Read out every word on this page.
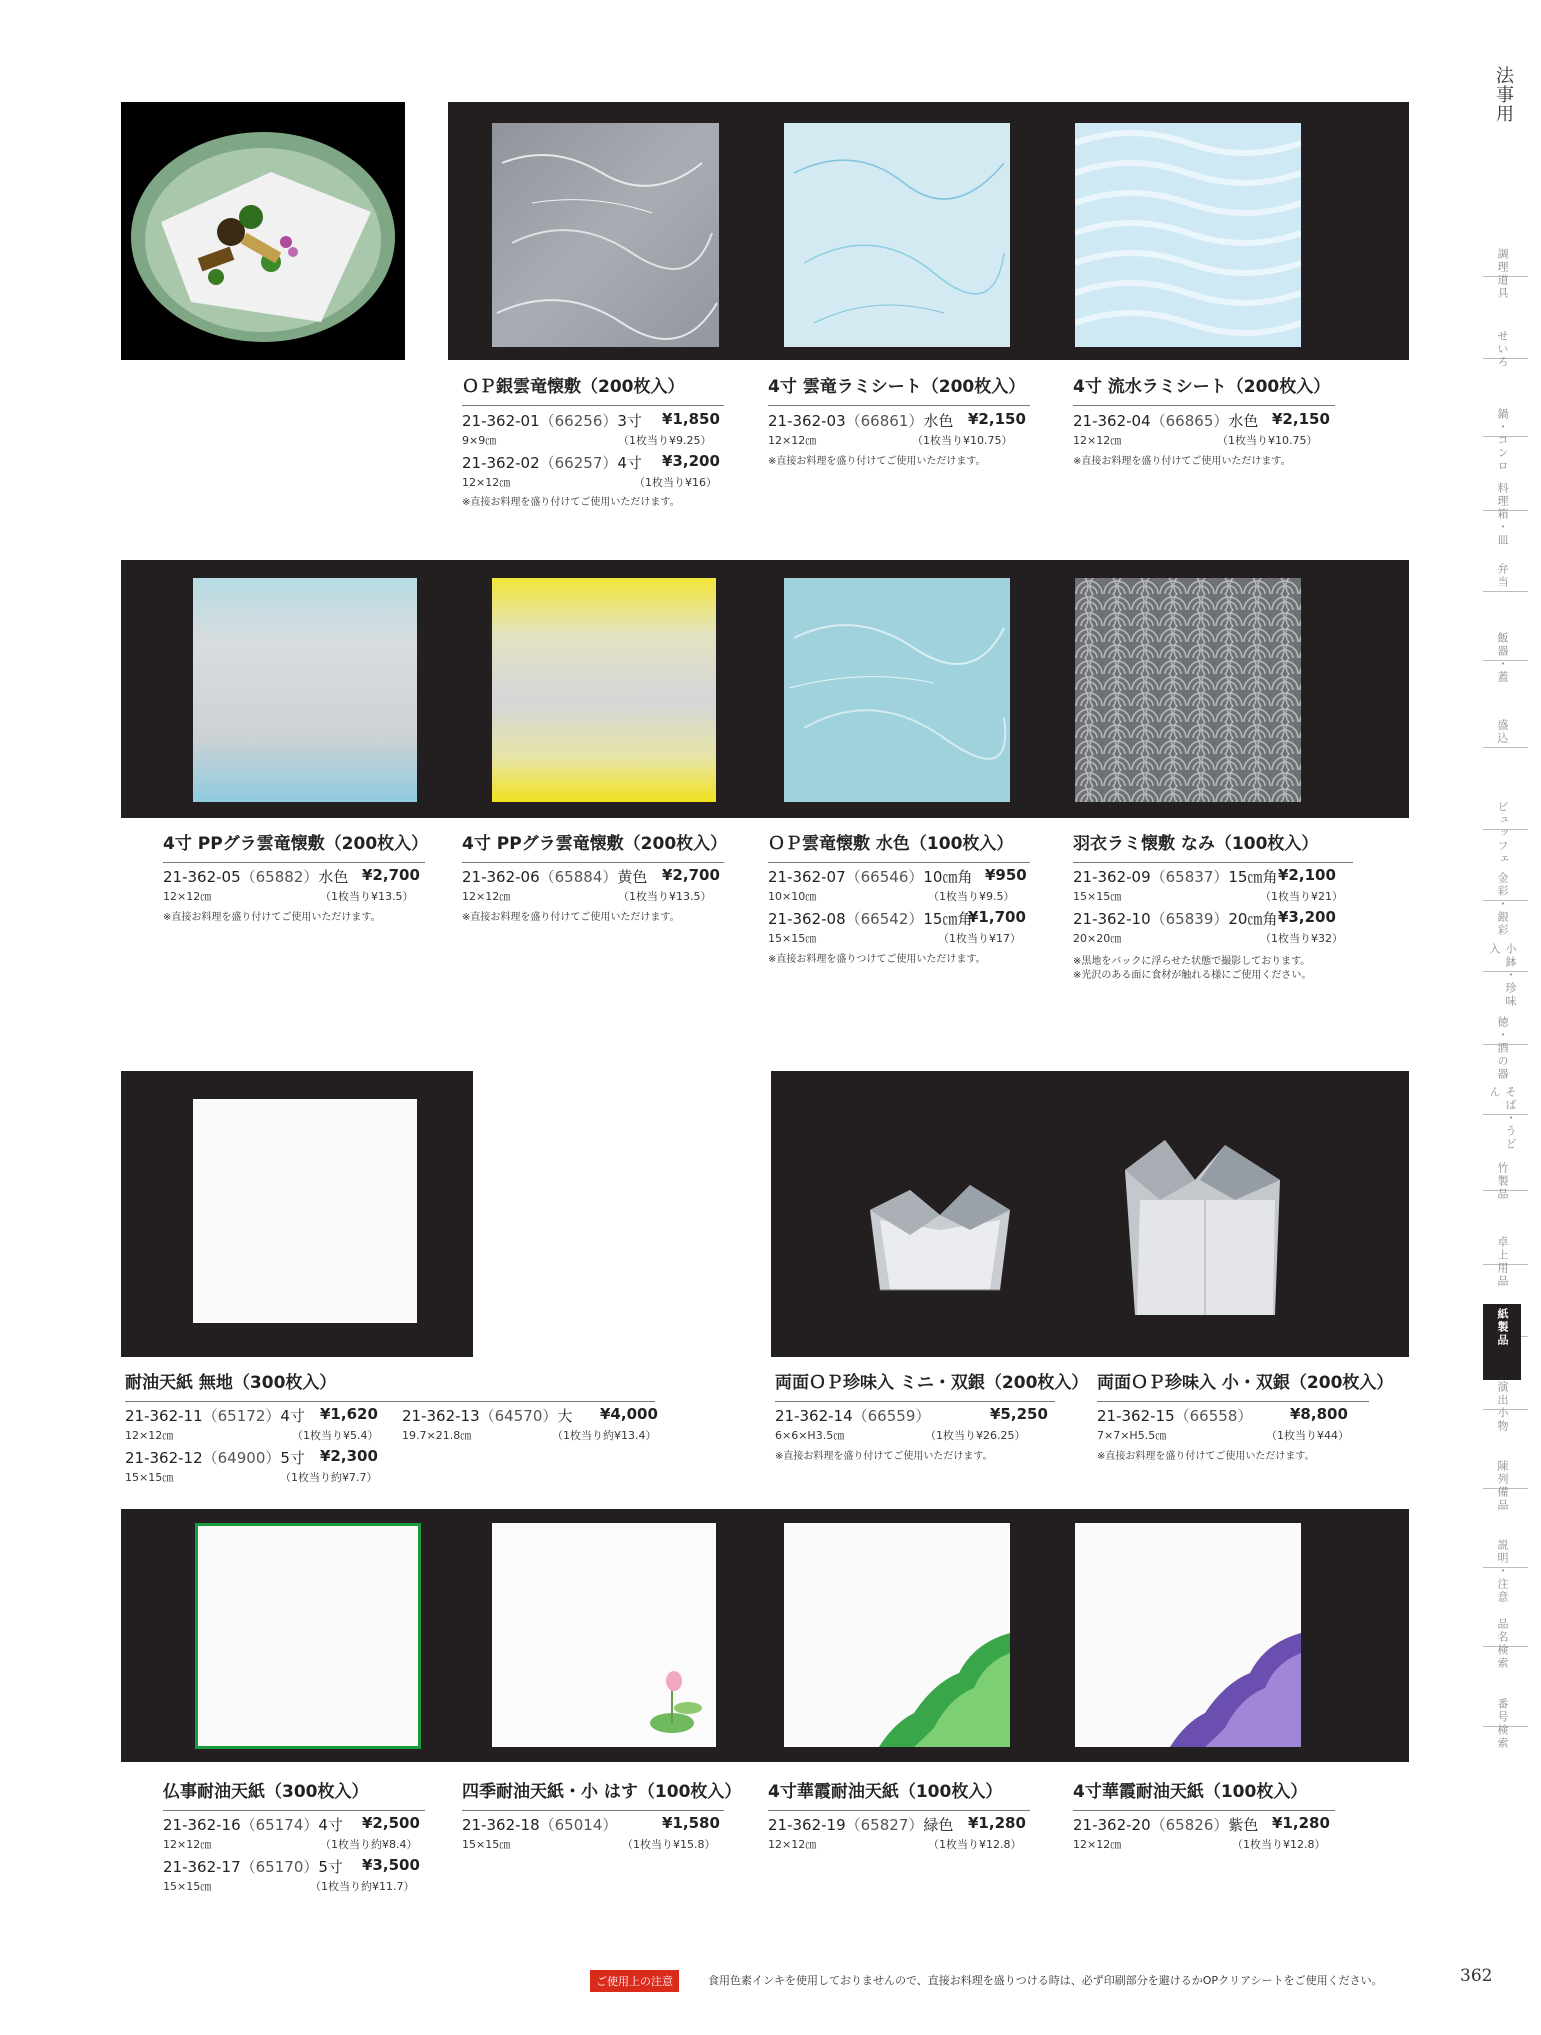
ＯＰ銀雲竜懐敷（200枚入）
21-362-01（66256）3寸 ¥1,850
9×9㎝	（1枚当り¥9.25）
21-362-02（66257）4寸 ¥3,200
12×12㎝	（1枚当り¥16）
※直接お料理を盛り付けてご使用いただけます。
4寸 雲竜ラミシート（200枚入）
21-362-03（66861）水色 ¥2,150
12×12㎝	（1枚当り¥10.75）
※直接お料理を盛り付けてご使用いただけます。
4寸 流水ラミシート（200枚入）
21-362-04（66865）水色 ¥2,150
12×12㎝	（1枚当り¥10.75）
※直接お料理を盛り付けてご使用いただけます。
4寸 PPグラ雲竜懐敷（200枚入）
21-362-05（65882）水色 ¥2,700
12×12㎝	（1枚当り¥13.5）
※直接お料理を盛り付けてご使用いただけます。
4寸 PPグラ雲竜懐敷（200枚入）
21-362-06（65884）黄色 ¥2,700
12×12㎝	（1枚当り¥13.5）
※直接お料理を盛り付けてご使用いただけます。
ＯＰ雲竜懐敷 水色（100枚入）
21-362-07（66546）10㎝角 ¥950
10×10㎝	（1枚当り¥9.5）
21-362-08（66542）15㎝角
¥1,700
15×15㎝	（1枚当り¥17）
※直接お料理を盛りつけてご使用いただけます。
羽衣ラミ懐敷 なみ（100枚入）
21-362-09（65837）15㎝角 ¥2,100
15×15㎝	（1枚当り¥21）
21-362-10（65839）20㎝角 ¥3,200
20×20㎝	（1枚当り¥32）
※黒地をバックに浮らせた状態で撮影しております。
※光沢のある面に食材が触れる様にご使用ください。
耐油天紙 無地（300枚入）
21-362-11（65172）4寸 ¥1,620
12×12㎝	（1枚当り¥5.4）
21-362-12（64900）5寸 ¥2,300
15×15㎝	（1枚当り約¥7.7）
21-362-13（64570）大 ¥4,000
19.7×21.8㎝	（1枚当り約¥13.4）
両面ＯＰ珍味入 ミニ・双銀（200枚入）
21-362-14（66559）	¥5,250
6×6×H3.5㎝	（1枚当り¥26.25）
※直接お料理を盛り付けてご使用いただけます。
両面ＯＰ珍味入 小・双銀（200枚入）
21-362-15（66558）	¥8,800
7×7×H5.5㎝	（1枚当り¥44）
※直接お料理を盛り付けてご使用いただけます。
仏事耐油天紙（300枚入）
21-362-16（65174）4寸 ¥2,500
12×12㎝	（1枚当り約¥8.4）
21-362-17（65170）5寸 ¥3,500
15×15㎝	（1枚当り約¥11.7）
四季耐油天紙・小 はす（100枚入）
21-362-18（65014）	¥1,580
15×15㎝	（1枚当り¥15.8）
4寸華霞耐油天紙（100枚入）
21-362-19（65827）緑色 ¥1,280
12×12㎝	（1枚当り¥12.8）
4寸華霞耐油天紙（100枚入）
21-362-20（65826）紫色 ¥1,280
12×12㎝	（1枚当り¥12.8）
法事用
調理道具
せいろ
鍋・コンロ
料理箱・皿
弁当
飯器・蓋
盛込
ビュッフェ
金彩・銀彩
小鉢・珍味入
徳・酒の器
そば・うどん
竹製品
卓上用品
紙製品
演出小物
陳列備品
説明・注意
品名検索
番号検索
ご使用上の注意	食用色素インキを使用しておりませんので、直接お料理を盛りつける時は、必ず印刷部分を避けるかOPクリアシートをご使用ください。	362
